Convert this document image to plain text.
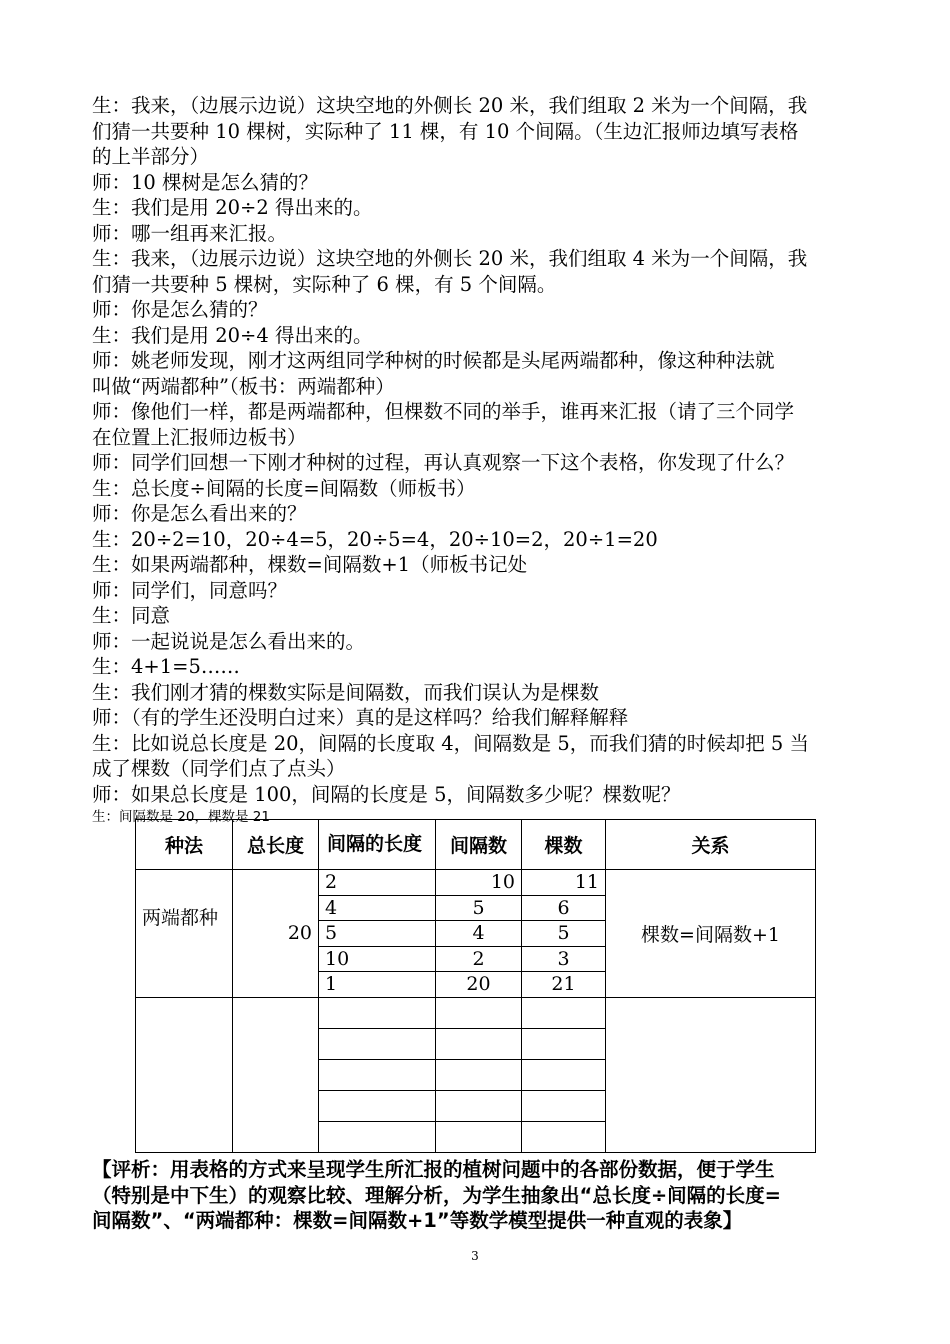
生：我来，（边展示边说）这块空地的外侧长 20 米，我们组取 2 米为一个间隔，我
们猜一共要种 10 棵树，实际种了 11 棵，有 10 个间隔。（生边汇报师边填写表格
的上半部分）
师：10 棵树是怎么猜的？
生：我们是用 20÷2 得出来的。
师：哪一组再来汇报。
生：我来，（边展示边说）这块空地的外侧长 20 米，我们组取 4 米为一个间隔，我
们猜一共要种 5 棵树，实际种了 6 棵，有 5 个间隔。
师：你是怎么猜的？
生：我们是用 20÷4 得出来的。
师：姚老师发现，刚才这两组同学种树的时候都是头尾两端都种，像这种种法就
叫做“两端都种”（板书：两端都种）
师：像他们一样，都是两端都种，但棵数不同的举手，谁再来汇报（请了三个同学
在位置上汇报师边板书）
师：同学们回想一下刚才种树的过程，再认真观察一下这个表格，你发现了什么？
生：总长度÷间隔的长度=间隔数（师板书）
师：你是怎么看出来的？
生：20÷2=10，20÷4=5，20÷5=4，20÷10=2，20÷1=20
生：如果两端都种，棵数=间隔数+1（师板书记处
师：同学们，同意吗？
生：同意
师：一起说说是怎么看出来的。
生：4+1=5……
生：我们刚才猜的棵数实际是间隔数，而我们误认为是棵数
师：（有的学生还没明白过来）真的是这样吗？给我们解释解释
生：比如说总长度是 20，间隔的长度取 4，间隔数是 5，而我们猜的时候却把 5 当
成了棵数（同学们点了点头）
师：如果总长度是 100，间隔的长度是 5，间隔数多少呢？棵数呢？
生：间隔数是 20，棵数是 21
种法	总长度	间隔的长度	间隔数	棵数	关系
两端都种	20	2	10	11	棵数=间隔数+1
		4	5	6	
		5	4	5	
		10	2	3	
		1	20	21	

【评析：用表格的方式来呈现学生所汇报的植树问题中的各部份数据，便于学生
（特别是中下生）的观察比较、理解分析，为学生抽象出“总长度÷间隔的长度=
间隔数”、“两端都种：棵数=间隔数+1”等数学模型提供一种直观的表象】
3
